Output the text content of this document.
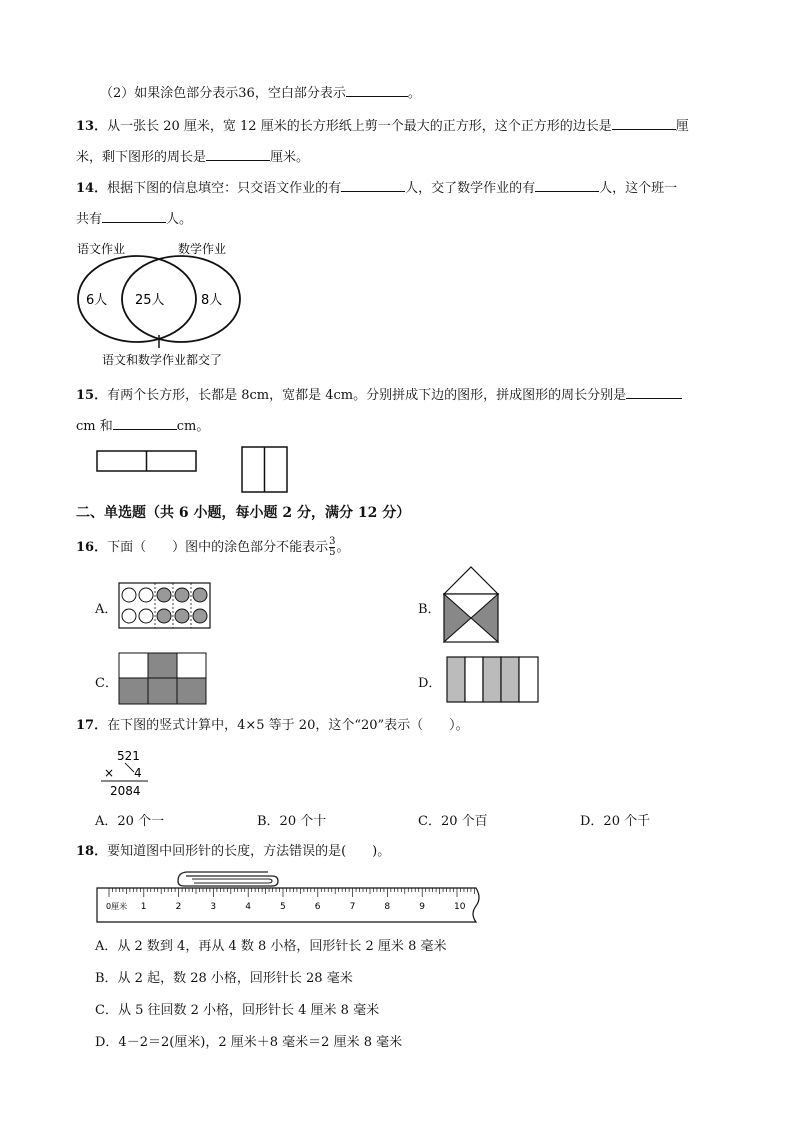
（2）如果涂色部分表示36，空白部分表示	。
13．从一张长 20 厘米，宽 12 厘米的长方形纸上剪一个最大的正方形，这个正方形的边长是	厘
米，剩下图形的周长是	厘米。
14．根据下图的信息填空：只交语文作业的有	人，交了数学作业的有	人，这个班一
共有	人。
语文作业	数学作业
6人 25人	8人
语文和数学作业都交了
15．有两个长方形，长都是 8cm，宽都是 4cm。分别拼成下边的图形，拼成图形的周长分别是
cm 和	cm。
二、单选题（共 6 小题，每小题 2 分，满分 12 分）
16．下面（　　）图中的涂色部分不能表示 $\frac{3}{5}$ 。
A．	B．
C．	D．
17．在下图的竖式计算中，4×5 等于 20，这个“20”表示（　　）。
521
× 4
2084
A．20 个一	B．20 个十	C．20 个百	D．20 个千
18．要知道图中回形针的长度，方法错误的是(　　)。
0厘米 1	2	3	4	5	6	7	8	9	10
A．从 2 数到 4，再从 4 数 8 小格，回形针长 2 厘米 8 毫米
B．从 2 起，数 28 小格，回形针长 28 毫米
C．从 5 往回数 2 小格，回形针长 4 厘米 8 毫米
D．4－2＝2(厘米)，2 厘米＋8 毫米＝2 厘米 8 毫米
